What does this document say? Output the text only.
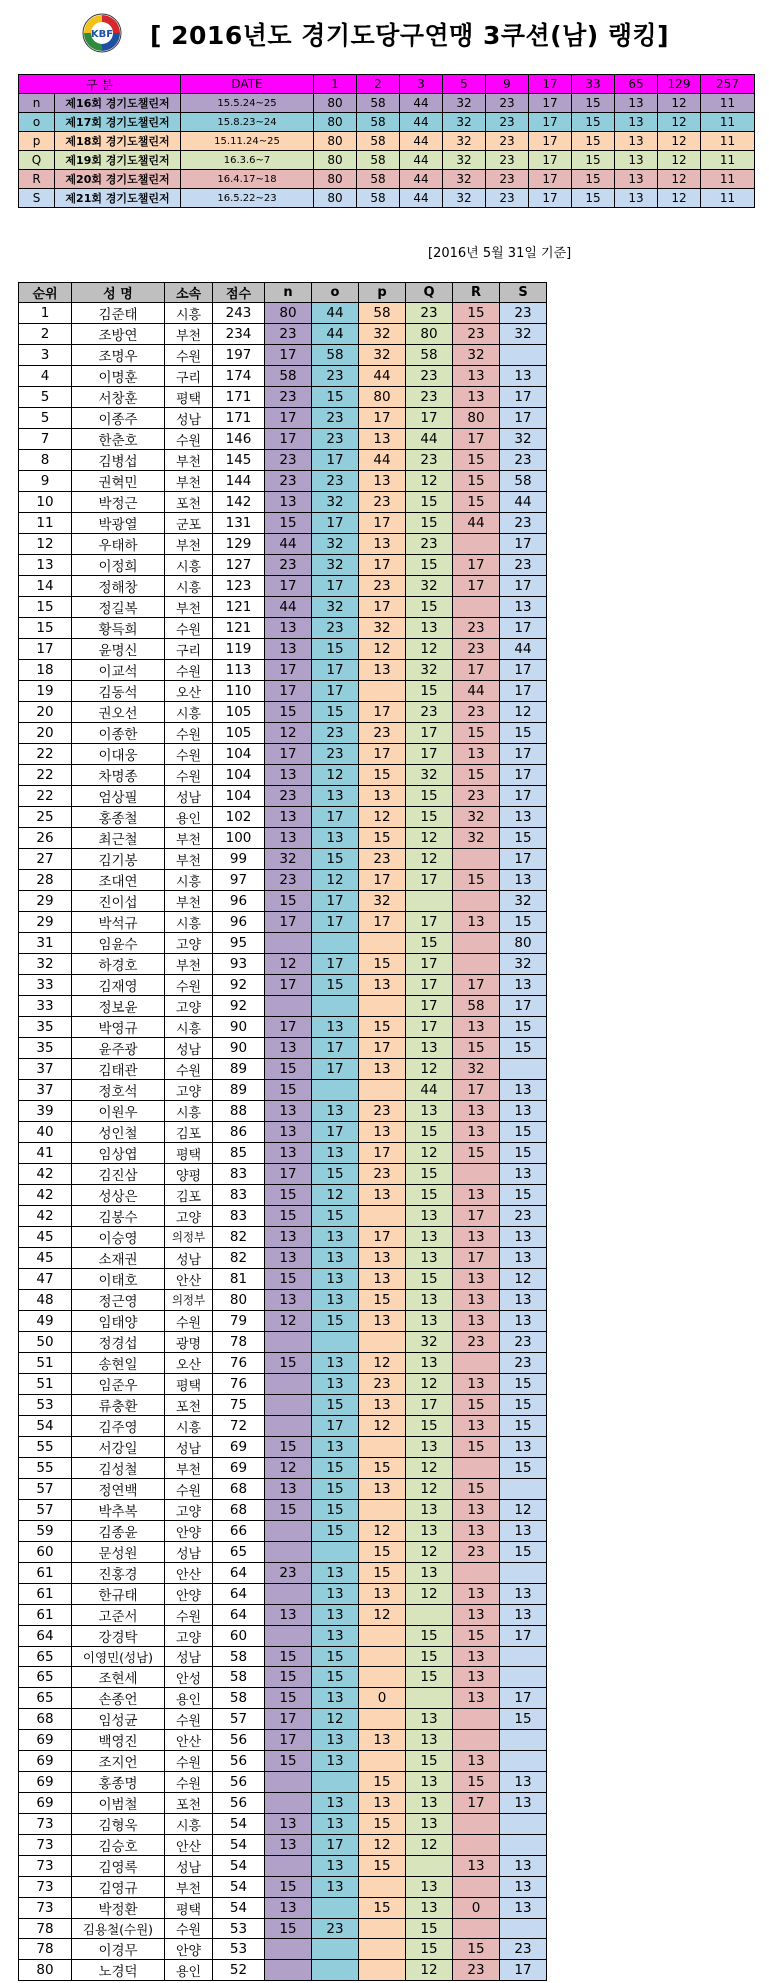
KBF [ 2016년도 경기도당구연맹 3쿠션(남) 랭킹]
구 분		DATE	1	2	3	5	9	17	33	65	129	257
n	제16회 경기도챌린저	15.5.24~25	80	58	44	32	23	17	15	13	12	11
o	제17회 경기도챌린저	15.8.23~24	80	58	44	32	23	17	15	13	12	11
p	제18회 경기도챌린저	15.11.24~25	80	58	44	32	23	17	15	13	12	11
Q	제19회 경기도챌린저	16.3.6~7	80	58	44	32	23	17	15	13	12	11
R	제20회 경기도챌린저	16.4.17~18	80	58	44	32	23	17	15	13	12	11
S	제21회 경기도챌린저	16.5.22~23	80	58	44	32	23	17	15	13	12	11
[2016년 5월 31일 기준]
순위	성 명	소속	점수	n	o	p	Q	R	S
1	김준태	시흥	243	80	44	58	23	15	23
2	조방연	부천	234	23	44	32	80	23	32
3	조명우	수원	197	17	58	32	58	32	
4	이명훈	구리	174	58	23	44	23	13	13
5	서창훈	평택	171	23	15	80	23	13	17
5	이종주	성남	171	17	23	17	17	80	17
7	한춘호	수원	146	17	23	13	44	17	32
8	김병섭	부천	145	23	17	44	23	15	23
9	권혁민	부천	144	23	23	13	12	15	58
10	박정근	포천	142	13	32	23	15	15	44
11	박광열	군포	131	15	17	17	15	44	23
12	우태하	부천	129	44	32	13	23		17
13	이정희	시흥	127	23	32	17	15	17	23
14	정해창	시흥	123	17	17	23	32	17	17
15	정길복	부천	121	44	32	17	15		13
15	황득희	수원	121	13	23	32	13	23	17
17	윤명신	구리	119	13	15	12	12	23	44
18	이교석	수원	113	17	17	13	32	17	17
19	김동석	오산	110	17	17		15	44	17
20	권오선	시흥	105	15	15	17	23	23	12
20	이종한	수원	105	12	23	23	17	15	15
22	이대웅	수원	104	17	23	17	17	13	17
22	차명종	수원	104	13	12	15	32	15	17
22	엄상필	성남	104	23	13	13	15	23	17
25	홍종철	용인	102	13	17	12	15	32	13
26	최근철	부천	100	13	13	15	12	32	15
27	김기봉	부천	99	32	15	23	12		17
28	조대연	시흥	97	23	12	17	17	15	13
29	진이섭	부천	96	15	17	32			32
29	박석규	시흥	96	17	17	17	17	13	15
31	임윤수	고양	95				15		80
32	하경호	부천	93	12	17	15	17		32
33	김재영	수원	92	17	15	13	17	17	13
33	정보윤	고양	92				17	58	17
35	박영규	시흥	90	17	13	15	17	13	15
35	윤주광	성남	90	13	17	17	13	15	15
37	김태관	수원	89	15	17	13	12	32	
37	정호석	고양	89	15			44	17	13
39	이원우	시흥	88	13	13	23	13	13	13
40	성인철	김포	86	13	17	13	15	13	15
41	임상엽	평택	85	13	13	17	12	15	15
42	김진삼	양평	83	17	15	23	15		13
42	성상은	김포	83	15	12	13	15	13	15
42	김봉수	고양	83	15	15		13	17	23
45	이승영	의정부	82	13	13	17	13	13	13
45	소재권	성남	82	13	13	13	13	17	13
47	이태호	안산	81	15	13	13	15	13	12
48	정근영	의정부	80	13	13	15	13	13	13
49	임태양	수원	79	12	15	13	13	13	13
50	정경섭	광명	78				32	23	23
51	송현일	오산	76	15	13	12	13		23
51	임준우	평택	76		13	23	12	13	15
53	류충환	포천	75		15	13	17	15	15
54	김주영	시흥	72		17	12	15	13	15
55	서강일	성남	69	15	13		13	15	13
55	김성철	부천	69	12	15	15	12		15
57	정연백	수원	68	13	15	13	12	15	
57	박추복	고양	68	15	15		13	13	12
59	김종윤	안양	66		15	12	13	13	13
60	문성원	성남	65			15	12	23	15
61	진홍경	안산	64	23	13	15	13		
61	한규태	안양	64		13	13	12	13	13
61	고준서	수원	64	13	13	12		13	13
64	강경탁	고양	60		13		15	15	17
65	이영민(성남)	성남	58	15	15		15	13	
65	조현세	안성	58	15	15		15	13	
65	손종언	용인	58	15	13	0		13	17
68	임성균	수원	57	17	12		13		15
69	백영진	안산	56	17	13	13	13		
69	조지언	수원	56	15	13		15	13	
69	홍종명	수원	56			15	13	15	13
69	이범철	포천	56		13	13	13	17	13
73	김형욱	시흥	54	13	13	15	13		
73	김승호	안산	54	13	17	12	12		
73	김영록	성남	54		13	15		13	13
73	김영규	부천	54	15	13		13		13
73	박정환	평택	54	13		15	13	0	13
78	김용철(수원)	수원	53	15	23		15		
78	이경무	안양	53				15	15	23
80	노경덕	용인	52				12	23	17
